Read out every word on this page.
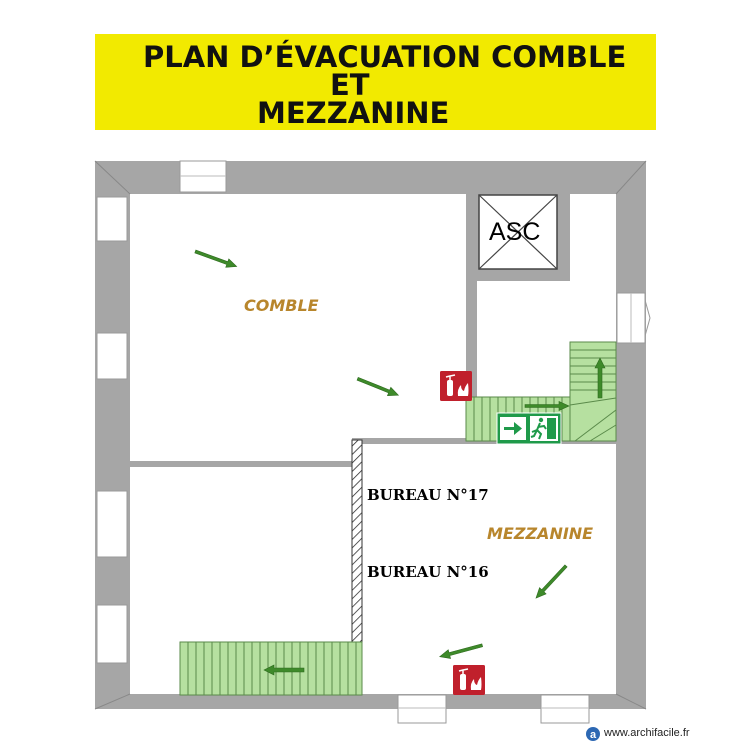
PLAN D’ÉVACUATION COMBLE
ET
MEZZANINE
a
COMBLE
MEZZANINE
BUREAU N°17
BUREAU N°16
ASC
www.archifacile.fr
